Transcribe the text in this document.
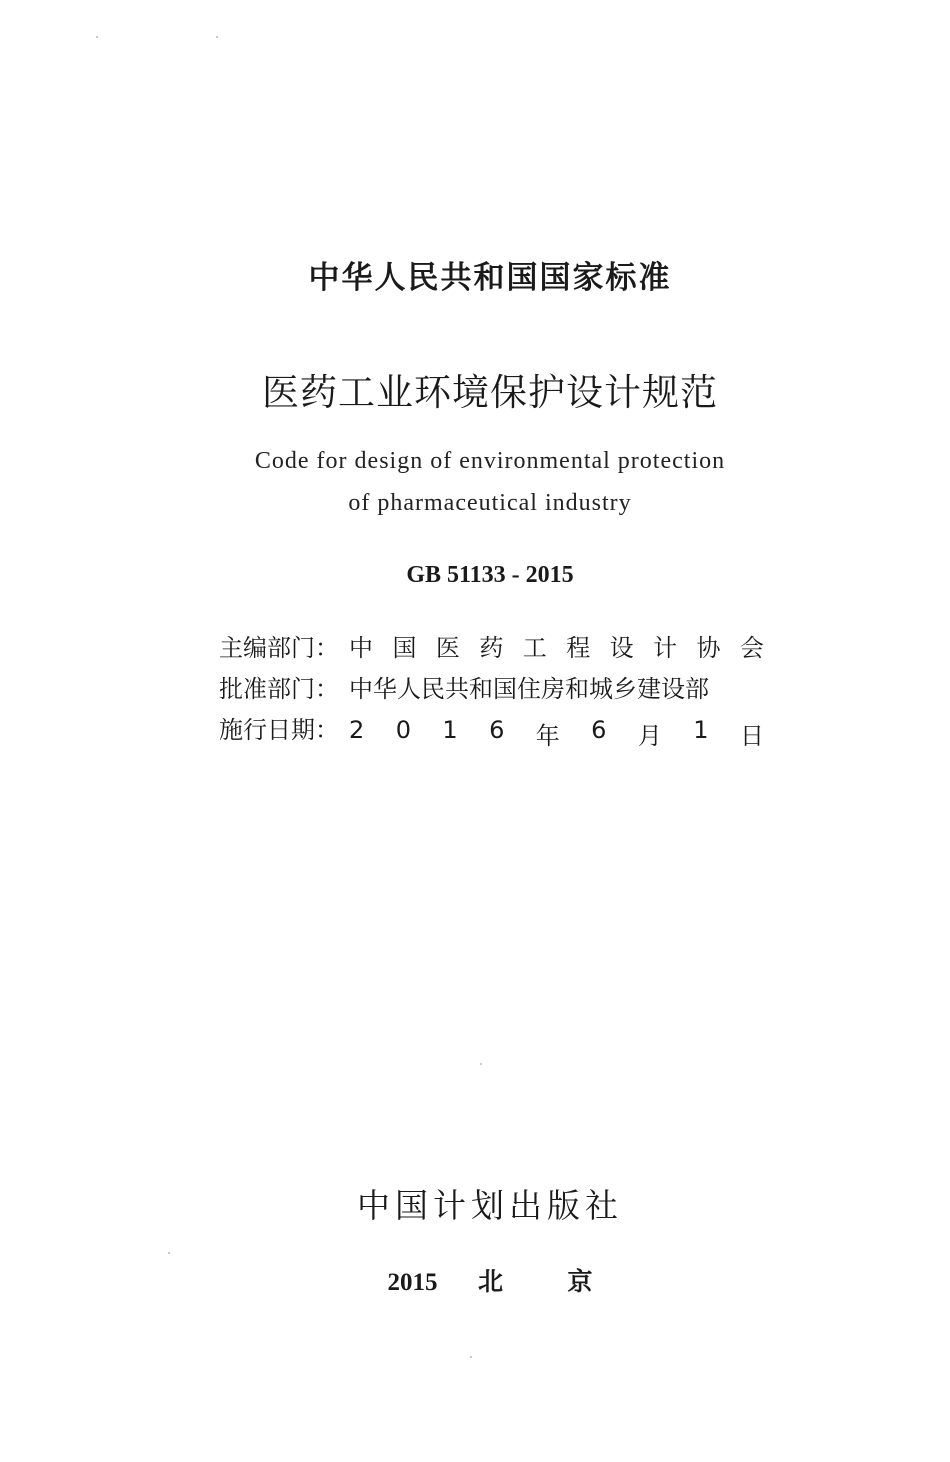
中华人民共和国国家标准
医药工业环境保护设计规范
Code for design of environmental protection
of pharmaceutical industry
GB 51133 - 2015
主编部门： 中 国 医 药 工 程 设 计 协 会
批准部门： 中华人民共和国住房和城乡建设部
施行日期： 2 0 1 6 年 6 月 1 日
中国计划出版社
2015 北	京
